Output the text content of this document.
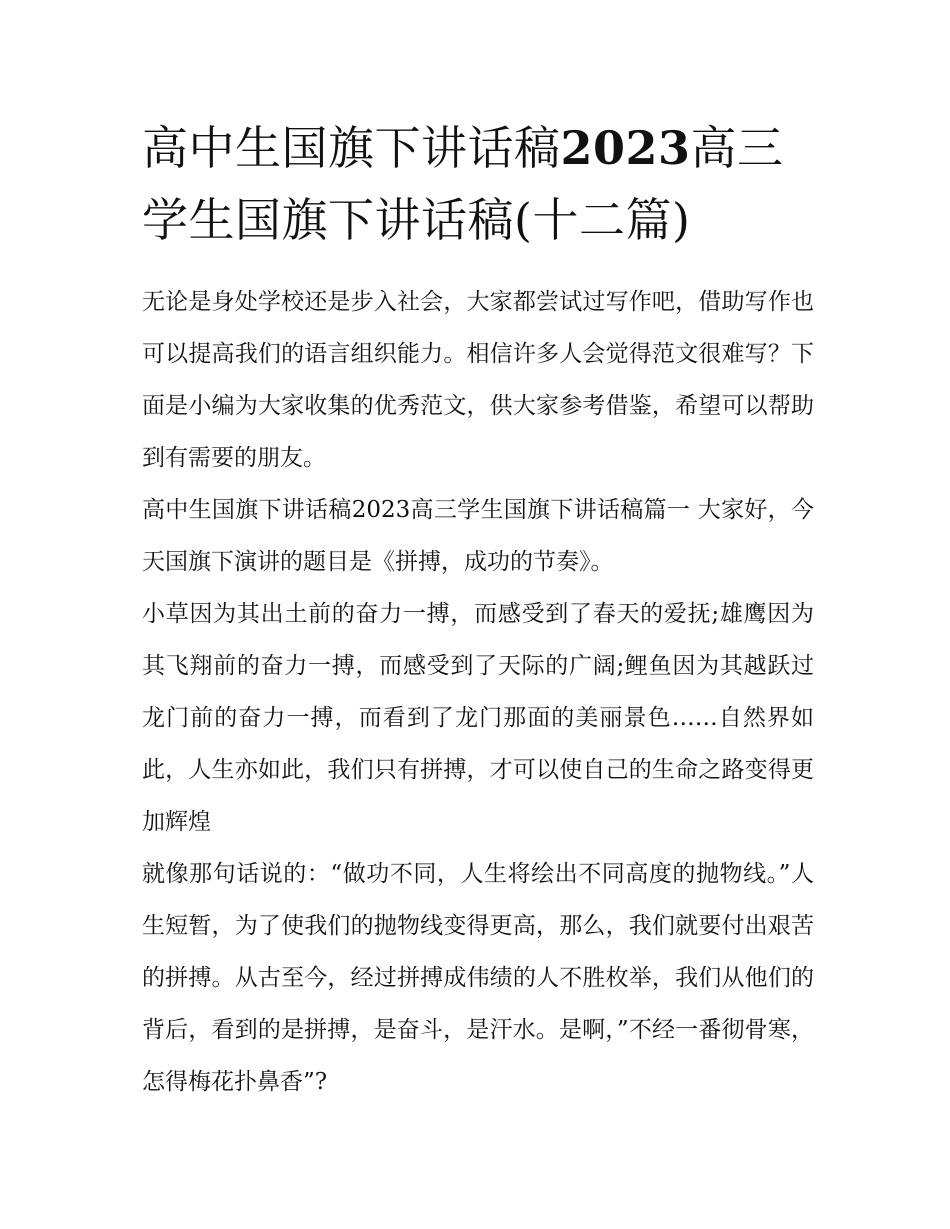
高中生国旗下讲话稿2023高三学生国旗下讲话稿(十二篇)

无论是身处学校还是步入社会，大家都尝试过写作吧，借助写作也可以提高我们的语言组织能力。相信许多人会觉得范文很难写？下面是小编为大家收集的优秀范文，供大家参考借鉴，希望可以帮助到有需要的朋友。

高中生国旗下讲话稿2023高三学生国旗下讲话稿篇一 大家好，今天国旗下演讲的题目是《拼搏，成功的节奏》。

小草因为其出土前的奋力一搏，而感受到了春天的爱抚;雄鹰因为其飞翔前的奋力一搏，而感受到了天际的广阔;鲤鱼因为其越跃过龙门前的奋力一搏，而看到了龙门那面的美丽景色……自然界如此，人生亦如此，我们只有拼搏，才可以使自己的生命之路变得更加辉煌

就像那句话说的：“做功不同，人生将绘出不同高度的抛物线。”人生短暂，为了使我们的抛物线变得更高，那么，我们就要付出艰苦的拼搏。从古至今，经过拼搏成伟绩的人不胜枚举，我们从他们的背后，看到的是拼搏，是奋斗，是汗水。是啊，”不经一番彻骨寒，怎得梅花扑鼻香”?
